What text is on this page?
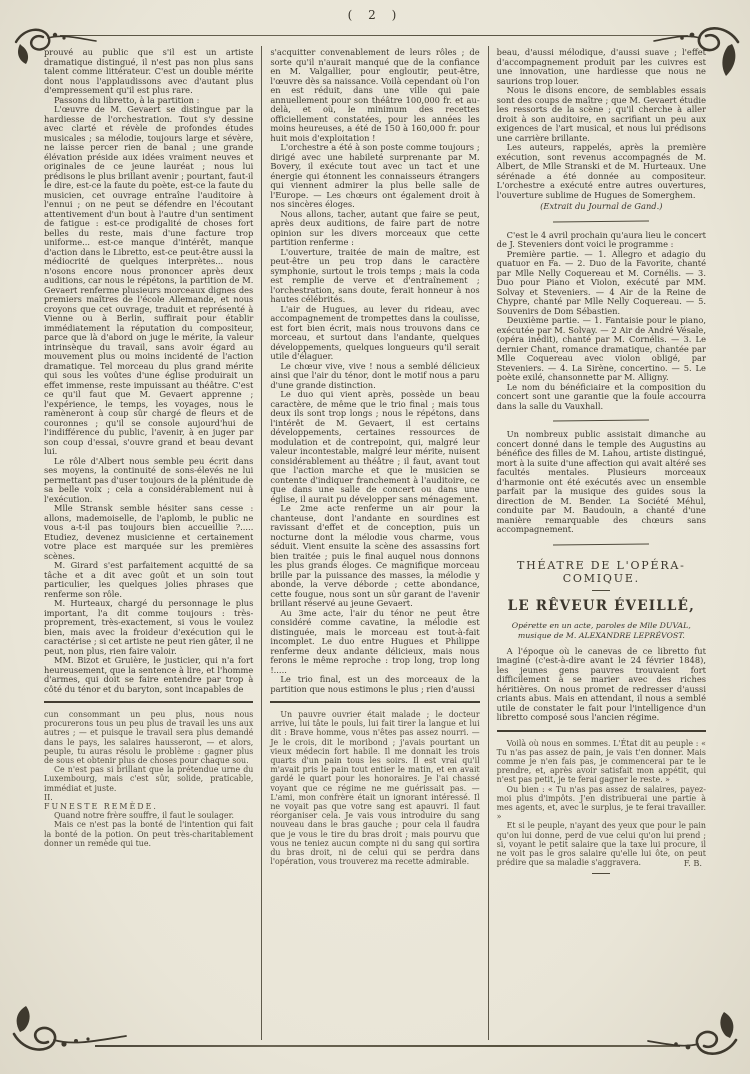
( 2 )

prouvé au public que s'il est un artiste dramatique distingué, il n'est pas non plus sans talent comme littérateur. C'est un double mérite dont nous l'applaudissons avec d'autant plus d'empressement qu'il est plus rare.

Passons du libretto, à la partition :

L'œuvre de M. Gevaert se distingue par la hardiesse de l'orchestration. Tout s'y dessine avec clarté et révèle de profondes études musicales ; sa mélodie, toujours large et sévère, ne laisse percer rien de banal ; une grande élévation préside aux idées vraiment neuves et originales de ce jeune lauréat ; nous lui prédisons le plus brillant avenir ; pourtant, faut-il le dire, est-ce la faute du poète, est-ce la faute du musicien, cet ouvrage entraîne l'auditoire à l'ennui ; on ne peut se défendre en l'écoutant attentivement d'un bout à l'autre d'un sentiment de fatigue : est-ce prodigalité de choses fort belles du reste, mais d'une facture trop uniforme... est-ce manque d'intérêt, manque d'action dans le Libretto, est-ce peut-être aussi la médiocrité de quelques interprètes... nous n'osons encore nous prononcer après deux auditions, car nous le répétons, la partition de M. Gevaert renferme plusieurs morceaux dignes des premiers maîtres de l'école Allemande, et nous croyons que cet ouvrage, traduit et représenté à Vienne ou à Berlin, suffirait pour établir immédiatement la réputation du compositeur, parce que là d'abord on juge le mérite, la valeur intrinsèque du travail, sans avoir égard au mouvement plus ou moins incidenté de l'action dramatique. Tel morceau du plus grand mérite qui sous les voûtes d'une église produirait un effet immense, reste impuissant au théâtre. C'est ce qu'il faut que M. Gevaert apprenne ; l'expérience, le temps, les voyages, nous le ramèneront à coup sûr chargé de fleurs et de couronnes ; qu'il se console aujourd'hui de l'indifférence du public, l'avenir, à en juger par son coup d'essai, s'ouvre grand et beau devant lui.

Le rôle d'Albert nous semble peu écrit dans ses moyens, la continuité de sons-élevés ne lui permettant pas d'user toujours de la plénitude de sa belle voix ; cela a considérablement nui à l'exécution.

Mlle Stransk semble hésiter sans cesse : allons, mademoiselle, de l'aplomb, le public ne vous a-t-il pas toujours bien accueillie ?..... Etudiez, devenez musicienne et certainement votre place est marquée sur les premières scènes.

M. Girard s'est parfaitement acquitté de sa tâche et a dit avec goût et un soin tout particulier, les quelques jolies phrases que renferme son rôle.

M. Hurteaux, chargé du personnage le plus important, l'a dit comme toujours : très-proprement, très-exactement, si vous le voulez bien, mais avec la froideur d'exécution qui le caractérise ; si cet artiste ne peut rien gâter, il ne peut, non plus, rien faire valoir.

MM. Bizot et Gruière, le justicier, qui n'a fort heureusement, que la sentence à lire, et l'homme d'armes, qui doit se faire entendre par trop à côté du ténor et du baryton, sont incapables de

cun consommant un peu plus, nous nous procurerons tous un peu plus de travail les uns aux autres ; — et puisque le travail sera plus demandé dans le pays, les salaires hausseront, — et alors, peuple, tu auras résolu le problème : gagner plus de sous et obtenir plus de choses pour chaque sou.

Ce n'est pas si brillant que la prétendue urne du Luxembourg, mais c'est sûr, solide, praticable, immédiat et juste.

II.

FUNESTE REMÈDE.

Quand notre frère souffre, il faut le soulager.

Mais ce n'est pas la bonté de l'intention qui fait la bonté de la potion. On peut très-charitablement donner un remède qui tue.

s'acquitter convenablement de leurs rôles ; de sorte qu'il n'aurait manqué que de la confiance en M. Valgallier, pour engloutir, peut-être, l'œuvre dès sa naissance. Voilà cependant où l'on en est réduit, dans une ville qui paie annuellement pour son théâtre 100,000 fr. et au-delà, et où, le minimum des recettes officiellement constatées, pour les années les moins heureuses, a été de 150 à 160,000 fr. pour huit mois d'exploitation !

L'orchestre a été à son poste comme toujours ; dirigé avec une habileté surprenante par M. Bovery, il exécute tout avec un tact et une énergie qui étonnent les connaisseurs étrangers qui viennent admirer la plus belle salle de l'Europe. — Les chœurs ont également droit à nos sincères éloges.

Nous allons, tacher, autant que faire se peut, après deux auditions, de faire part de notre opinion sur les divers morceaux que cette partition renferme :

L'ouverture, traitée de main de maître, est peut-être un peu trop dans le caractère symphonie, surtout le trois temps ; mais la coda est remplie de verve et d'entraînement ; l'orchestration, sans doute, ferait honneur à nos hautes célébrités.

L'air de Hugues, au lever du rideau, avec accompagnement de trompettes dans la coulisse, est fort bien écrit, mais nous trouvons dans ce morceau, et surtout dans l'andante, quelques développements, quelques longueurs qu'il serait utile d'élaguer.

Le chœur vive, vive ! nous a semblé délicieux ainsi que l'air du ténor, dont le motif nous a paru d'une grande distinction.

Le duo qui vient après, possède un beau caractère, de même que le trio final ; mais tous deux ils sont trop longs ; nous le répétons, dans l'intérêt de M. Gevaert, il est certains développements, certaines ressources de modulation et de contrepoint, qui, malgré leur valeur incontestable, malgré leur mérite, nuisent considérablement au théâtre ; il faut, avant tout que l'action marche et que le musicien se contente d'indiquer franchement à l'auditoire, ce que dans une salle de concert ou dans une église, il aurait pu développer sans ménagement.

Le 2me acte renferme un air pour la chanteuse, dont l'andante en sourdines est ravissant d'effet et de conception, puis un nocturne dont la mélodie vous charme, vous séduit. Vient ensuite la scène des assassins fort bien traitée ; puis le final auquel nous donnons les plus grands éloges. Ce magnifique morceau brille par la puissance des masses, la mélodie y abonde, la verve déborde ; cette abondance, cette fougue, nous sont un sûr garant de l'avenir brillant réservé au jeune Gevaert.

Au 3me acte, l'air du ténor ne peut être considéré comme cavatine, la mélodie est distinguée, mais le morceau est tout-à-fait incomplet. Le duo entre Hugues et Philippe renferme deux andante délicieux, mais nous ferons le même reproche : trop long, trop long !.....

Le trio final, est un des morceaux de la partition que nous estimons le plus ; rien d'aussi

Un pauvre ouvrier était malade ; le docteur arrive, lui tâte le pouls, lui fait tirer la langue et lui dit : Brave homme, vous n'êtes pas assez nourri. — Je le crois, dit le moribond ; j'avais pourtant un vieux médecin fort habile. Il me donnait les trois quarts d'un pain tous les soirs. Il est vrai qu'il m'avait pris le pain tout entier le matin, et en avait gardé le quart pour les honoraires. Je l'ai chassé voyant que ce régime ne me guérissait pas. — L'ami, mon confrère était un ignorant intéressé. Il ne voyait pas que votre sang est apauvri. Il faut réorganiser cela. Je vais vous introduire du sang nouveau dans le bras gauche ; pour cela il faudra que je vous le tire du bras droit ; mais pourvu que vous ne teniez aucun compte ni du sang qui sortira du bras droit, ni de celui qui se perdra dans l'opération, vous trouverez ma recette admirable.

beau, d'aussi mélodique, d'aussi suave ; l'effet d'accompagnement produit par les cuivres est une innovation, une hardiesse que nous ne saurions trop louer.

Nous le disons encore, de semblables essais sont des coups de maître ; que M. Gevaert étudie les ressorts de la scène ; qu'il cherche à aller droit à son auditoire, en sacrifiant un peu aux exigences de l'art musical, et nous lui prédisons une carrière brillante.

Les auteurs, rappelés, après la première exécution, sont revenus accompagnés de M. Albert, de Mlle Stranski et de M. Hurteaux. Une sérénade a été donnée au compositeur. L'orchestre a exécuté entre autres ouvertures, l'ouverture sublime de Hugues de Somerghem.

(Extrait du Journal de Gand.)

C'est le 4 avril prochain qu'aura lieu le concert de J. Steveniers dont voici le programme :

Première partie. — 1. Allegro et adagio du quatuor en Fa. — 2. Duo de la Favorite, chanté par Mlle Nelly Coquereau et M. Cornélis. — 3. Duo pour Piano et Violon, exécuté par MM. Solvay et Steveniers. — 4 Air de la Reine de Chypre, chanté par Mlle Nelly Coquereau. — 5. Souvenirs de Dom Sébastien.

Deuxième partie. — 1. Fantaisie pour le piano, exécutée par M. Solvay. — 2 Air de André Vésale, (opéra inédit), chanté par M. Cornélis. — 3. Le dernier Chant, romance dramatique, chantée par Mlle Coquereau avec violon obligé, par Steveniers. — 4. La Sirène, concertino. — 5. Le poète exilé, chansonnette par M. Alligny.

Le nom du bénéficiaire et la composition du concert sont une garantie que la foule accourra dans la salle du Vauxhall.

Un nombreux public assistait dimanche au concert donné dans le temple des Augustins au bénéfice des filles de M. Lahou, artiste distingué, mort à la suite d'une affection qui avait altéré ses facultés mentales. Plusieurs morceaux d'harmonie ont été exécutés avec un ensemble parfait par la musique des guides sous la direction de M. Bender. La Société Méhul, conduite par M. Baudouin, a chanté d'une manière remarquable des chœurs sans accompagnement.

THÉATRE DE L'OPÉRA-COMIQUE.
LE RÊVEUR ÉVEILLÉ,

Opérette en un acte, paroles de Mlle DUVAL,

musique de M. ALEXANDRE LEPRÉVOST.

A l'époque où le canevas de ce libretto fut imaginé (c'est-à-dire avant le 24 février 1848), les jeunes gens pauvres trouvaient fort difficilement à se marier avec des riches héritières. On nous promet de redresser d'aussi criants abus. Mais en attendant, il nous a semblé utile de constater le fait pour l'intelligence d'un libretto composé sous l'ancien régime.

Voilà où nous en sommes. L'État dit au peuple : « Tu n'as pas assez de pain, je vais t'en donner. Mais comme je n'en fais pas, je commencerai par te le prendre, et, après avoir satisfait mon appétit, qui n'est pas petit, je te ferai gagner le reste. »

Ou bien : « Tu n'as pas assez de salaires, payez-moi plus d'impôts. J'en distribuerai une partie à mes agents, et, avec le surplus, je te ferai travailler. »

Et si le peuple, n'ayant des yeux que pour le pain qu'on lui donne, perd de vue celui qu'on lui prend ; si, voyant le petit salaire que la taxe lui procure, il ne voit pas le gros salaire qu'elle lui ôte, on peut prédire que sa maladie s'aggravera.	F. B.
